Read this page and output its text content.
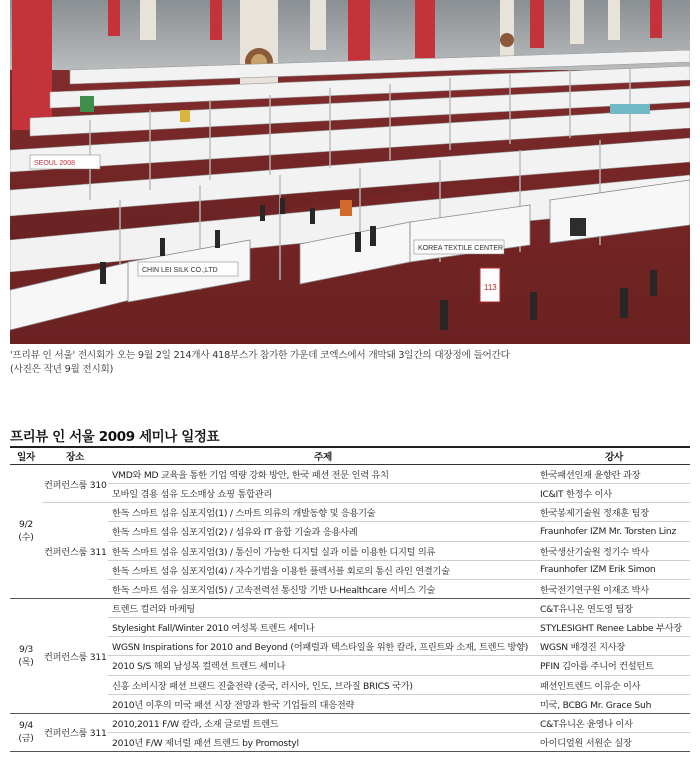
SEOUL 2008
CHIN LEI SILK CO.,LTD
KOREA TEXTILE CENTER
113
'프리뷰 인 서울' 전시회가 오는 9월 2일 214개사 418부스가 참가한 가운데 코엑스에서 개막돼 3일간의 대장정에 들어간다
(사진은 작년 9월 전시회)
프리뷰 인 서울 2009 세미나 일정표
일자	장소	주제	강사

9/2
(수)	컨퍼런스룸 310	VMD와 MD 교육을 통한 기업 역량 강화 방안, 한국 패션 전문 인력 유치	한국패션인재 윤향란 과장
		모바일 겸용 섬유 도소매상 쇼핑 통합관리	IC&IT 한정수 이사
	컨퍼런스룸 311	한독 스마트 섬유 심포지엄(1) / 스마트 의류의 개발동향 및 응용기술	한국봉제기술원 정재훈 팀장
		한독 스마트 섬유 심포지엄(2) / 섬유와 IT 융합 기술과 응용사례	Fraunhofer IZM Mr. Torsten Linz
		한독 스마트 섬유 심포지엄(3) / 통신이 가능한 디지털 실과 이를 이용한 디지털 의류	한국생산기술원 정기수 박사
		한독 스마트 섬유 심포지엄(4) / 자수기법을 이용한 플렉서블 회로의 통신 라인 연결기술	Fraunhofer IZM Erik Simon
		한독 스마트 섬유 심포지엄(5) / 고속전력선 통신망 기반 U-Healthcare 서비스 기술	한국전기연구원 이재조 박사

9/3
(목)	컨퍼런스룸 311	트렌드 컬러와 마케팅	C&T유니온 연도영 팀장
		Stylesight Fall/Winter 2010 여성복 트렌드 세미나	STYLESIGHT Renee Labbe 부사장
		WGSN Inspirations for 2010 and Beyond (어패럴과 텍스타일을 위한 칼라, 프린트와 소재, 트렌드 방향)	WGSN 배경진 지사장
		2010 S/S 해외 남성복 컬렉션 트렌드 세미나	PFIN 김아름 주니어 컨설턴트
		신흥 소비시장 패션 브랜드 진출전략 (중국, 러시아, 인도, 브라질 BRICS 국가)	패션인트렌드 이유순 이사
		2010년 이후의 미국 패션 시장 전망과 한국 기업들의 대응전략	미국, BCBG Mr. Grace Suh

9/4
(금)	컨퍼런스룸 311	2010,2011 F/W 칼라, 소재 글로벌 트렌드	C&T유니온 윤영나 이사
		2010년 F/W 제너럴 패션 트렌드 by Promostyl	아이디얼원 서원순 실장
